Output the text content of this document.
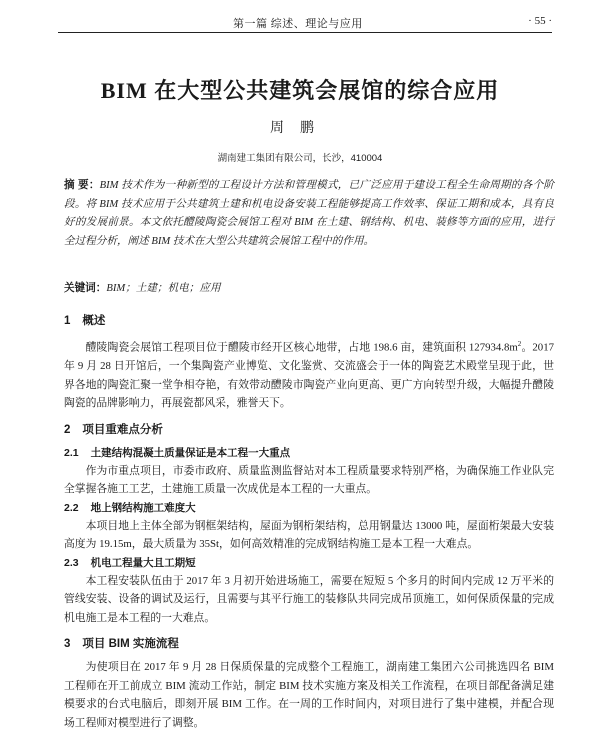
第一篇 综述、理论与应用	· 55 ·
BIM 在大型公共建筑会展馆的综合应用
周鹏
湖南建工集团有限公司，长沙，410004
摘 要：BIM 技术作为一种新型的工程设计方法和管理模式，已广泛应用于建设工程全生命周期的各个阶段。将 BIM 技术应用于公共建筑土建和机电设备安装工程能够提高工作效率、保证工期和成本，具有良好的发展前景。本文依托醴陵陶瓷会展馆工程对 BIM 在土建、钢结构、机电、装修等方面的应用，进行全过程分析，阐述 BIM 技术在大型公共建筑会展馆工程中的作用。
关键词：BIM；土建；机电；应用
1 概述

醴陵陶瓷会展馆工程项目位于醴陵市经开区核心地带，占地 198.6 亩，建筑面积 $127934.8m^2$。2017 年 9 月 28 日开馆后，一个集陶瓷产业博览、文化鉴赏、交流盛会于一体的陶瓷艺术殿堂呈现于此，世界各地的陶瓷汇聚一堂争相夺艳，有效带动醴陵市陶瓷产业向更高、更广方向转型升级，大幅提升醴陵陶瓷的品牌影响力，再展瓷都风采，雅誉天下。

2 项目重难点分析
2.1 土建结构混凝土质量保证是本工程一大重点

作为市重点项目，市委市政府、质量监测监督站对本工程质量要求特别严格，为确保施工作业队完全掌握各施工工艺，土建施工质量一次成优是本工程的一大重点。

2.2 地上钢结构施工难度大

本项目地上主体全部为钢框架结构，屋面为钢桁架结构，总用钢量达 13000 吨，屋面桁架最大安装高度为 19.15m，最大质量为 35St，如何高效精准的完成钢结构施工是本工程一大难点。

2.3 机电工程量大且工期短

本工程安装队伍由于 2017 年 3 月初开始进场施工，需要在短短 5 个多月的时间内完成 12 万平米的管线安装、设备的调试及运行，且需要与其平行施工的装修队共同完成吊顶施工，如何保质保量的完成机电施工是本工程的一大难点。

3 项目 BIM 实施流程

为使项目在 2017 年 9 月 28 日保质保量的完成整个工程施工，湖南建工集团六公司挑选四名 BIM 工程师在开工前成立 BIM 流动工作站，制定 BIM 技术实施方案及相关工作流程，在项目部配备满足建模要求的台式电脑后，即刻开展 BIM 工作。在一周的工作时间内，对项目进行了集中建模，并配合现场工程师对模型进行了调整。
